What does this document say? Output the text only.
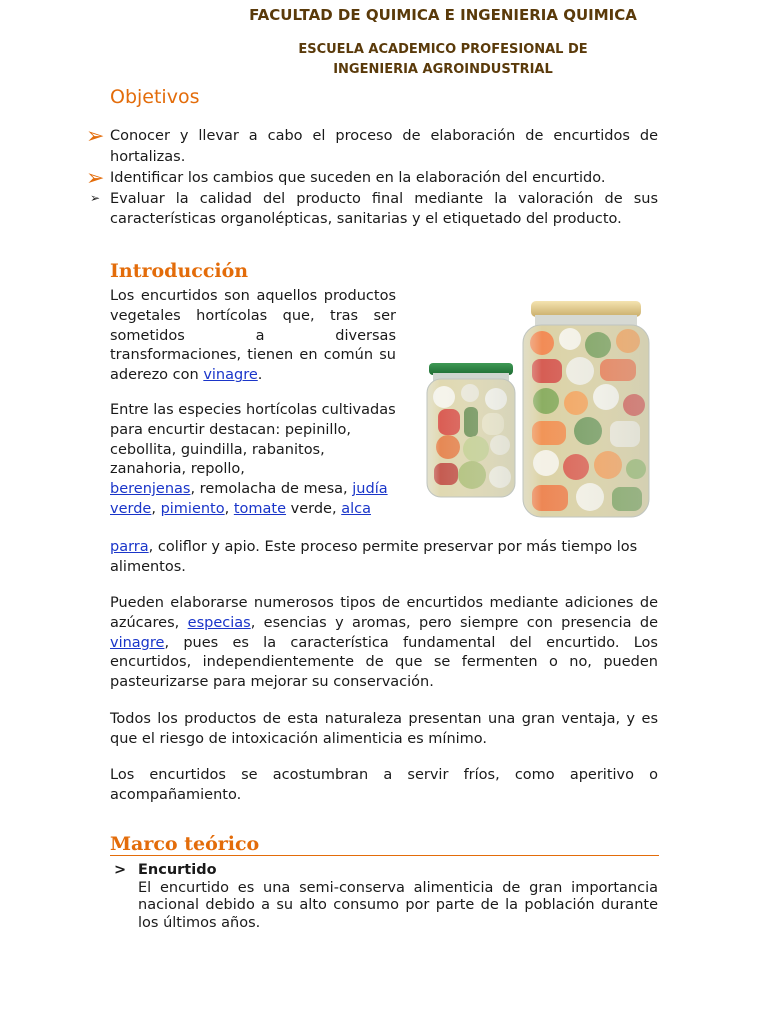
FACULTAD DE QUIMICA E INGENIERIA QUIMICA
ESCUELA ACADEMICO PROFESIONAL DE
INGENIERIA AGROINDUSTRIAL
Objetivos
➢ Conocer y llevar a cabo el proceso de elaboración de encurtidos de hortalizas.
➢ Identificar los cambios que suceden en la elaboración del encurtido.
➢ Evaluar la calidad del producto final mediante la valoración de sus características organolépticas, sanitarias y el etiquetado del producto.
Introducción
Los encurtidos son aquellos productos vegetales hortícolas que, tras ser sometidos a diversas transformaciones, tienen en común su aderezo con vinagre.
Entre las especies hortícolas cultivadas para encurtir destacan: pepinillo, cebollita, guindilla, rabanitos, zanahoria, repollo,
berenjenas, remolacha de mesa, judía
verde, pimiento, tomate verde, alca
parra, coliflor y apio. Este proceso permite preservar por más tiempo los alimentos.
Pueden elaborarse numerosos tipos de encurtidos mediante adiciones de azúcares, especias, esencias y aromas, pero siempre con presencia de vinagre, pues es la característica fundamental del encurtido. Los encurtidos, independientemente de que se fermenten o no, pueden pasteurizarse para mejorar su conservación.
Todos los productos de esta naturaleza presentan una gran ventaja, y es que el riesgo de intoxicación alimenticia es mínimo.
Los encurtidos se acostumbran a servir fríos, como aperitivo o acompañamiento.
Marco teórico
> Encurtido
El encurtido es una semi-conserva alimenticia de gran importancia nacional debido a su alto consumo por parte de la población durante los últimos años.
